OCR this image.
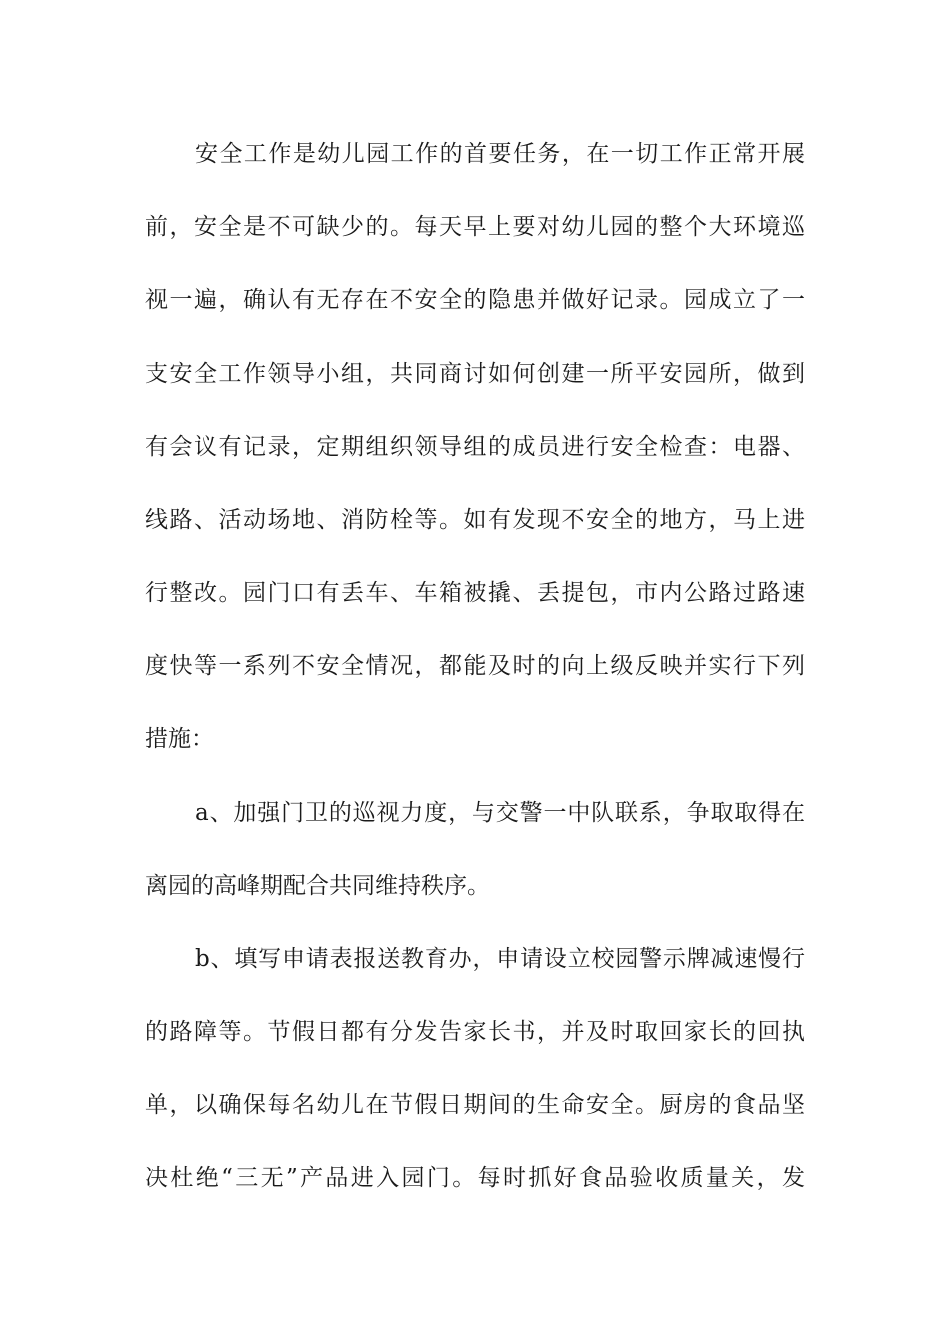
安全工作是幼儿园工作的首要任务，在一切工作正常开展
前，安全是不可缺少的。每天早上要对幼儿园的整个大环境巡
视一遍，确认有无存在不安全的隐患并做好记录。园成立了一
支安全工作领导小组，共同商讨如何创建一所平安园所，做到
有会议有记录，定期组织领导组的成员进行安全检查：电器、
线路、活动场地、消防栓等。如有发现不安全的地方，马上进
行整改。园门口有丢车、车箱被撬、丢提包，市内公路过路速
度快等一系列不安全情况，都能及时的向上级反映并实行下列
措施：
a、加强门卫的巡视力度，与交警一中队联系，争取取得在
离园的高峰期配合共同维持秩序。
b、填写申请表报送教育办，申请设立校园警示牌减速慢行
的路障等。节假日都有分发告家长书，并及时取回家长的回执
单，以确保每名幼儿在节假日期间的生命安全。厨房的食品坚
决杜绝“三无”产品进入园门。每时抓好食品验收质量关，发
